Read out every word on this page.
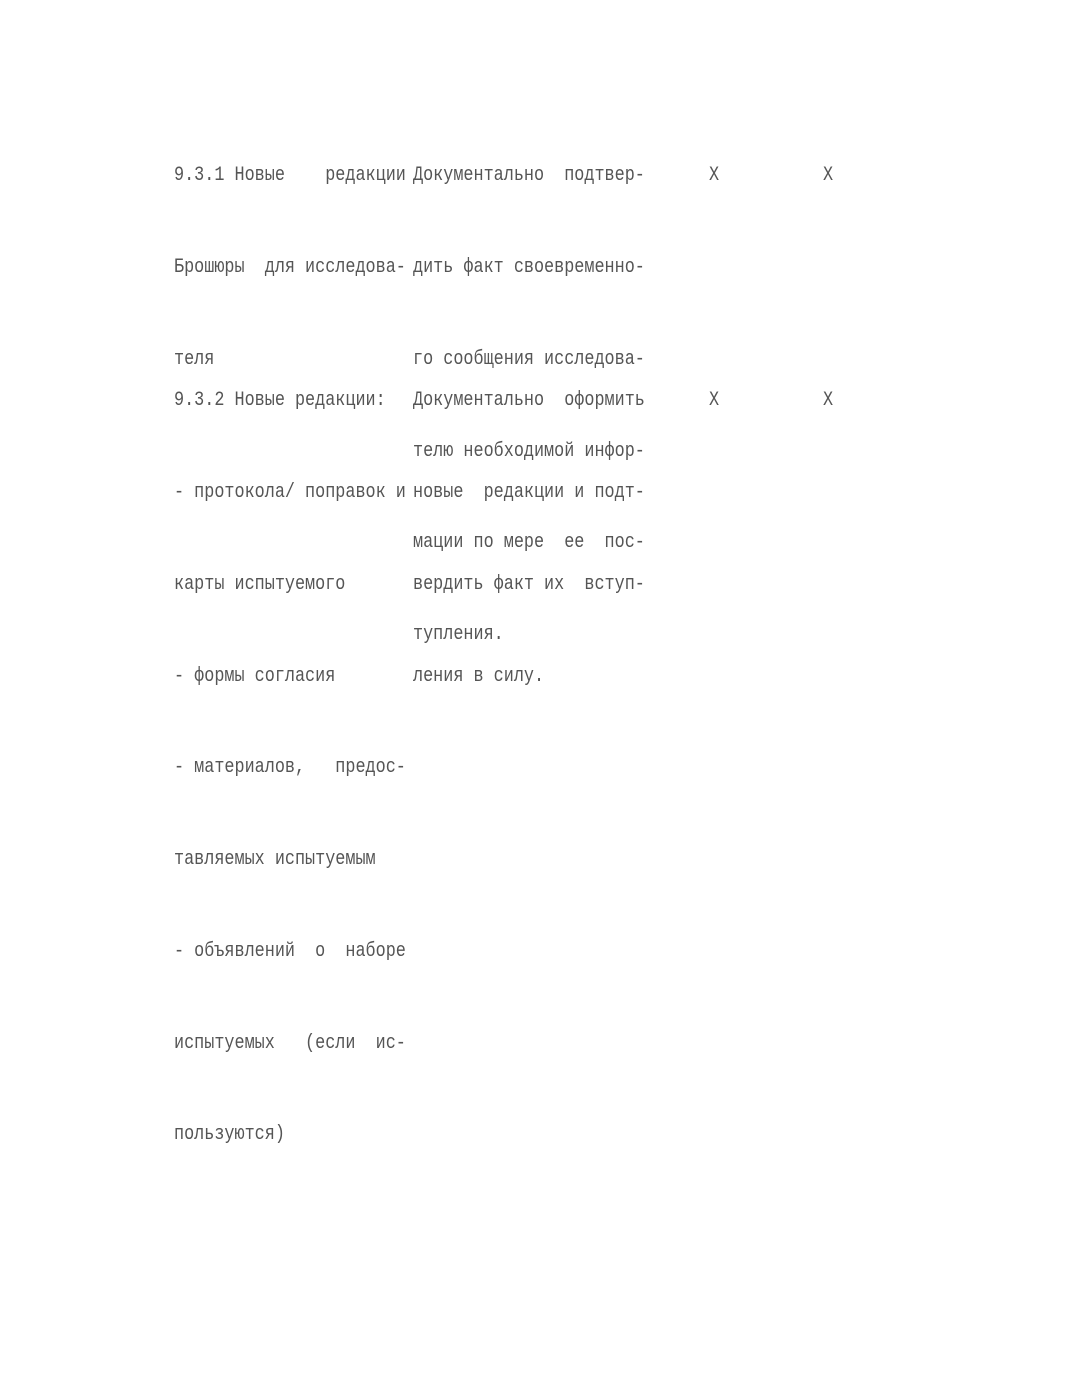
9.3.1 Новые    редакции

Брошюры  для исследова-

теля

Документально  подтвер-

дить факт своевременно-

го сообщения исследова-

телю необходимой инфор-

мации по мере  ее  пос-

тупления.

Х

	Х

9.3.2 Новые редакции:

- протокола/ поправок и

карты испытуемого

- формы согласия

- материалов,   предос-

тавляемых испытуемым

- объявлений  о  наборе

испытуемых   (если  ис-

пользуются)

Документально  оформить

новые  редакции и подт-

вердить факт их  вступ-

ления в силу.

Х

	Х
